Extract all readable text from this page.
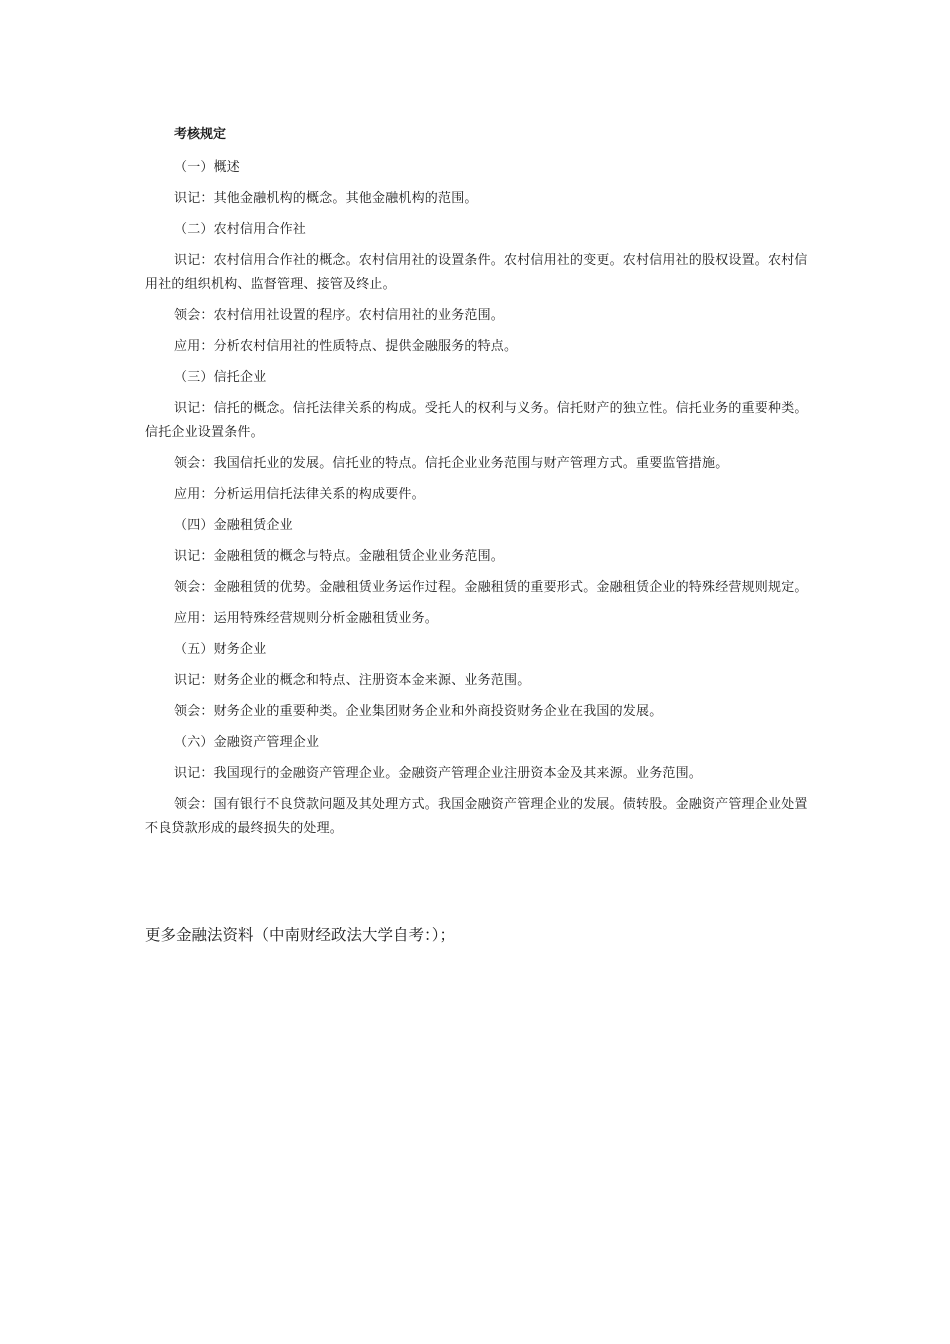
考核规定

（一）概述

识记：其他金融机构的概念。其他金融机构的范围。

（二）农村信用合作社

识记：农村信用合作社的概念。农村信用社的设置条件。农村信用社的变更。农村信用社的股权设置。农村信用社的组织机构、监督管理、接管及终止。

领会：农村信用社设置的程序。农村信用社的业务范围。

应用：分析农村信用社的性质特点、提供金融服务的特点。

（三）信托企业

识记：信托的概念。信托法律关系的构成。受托人的权利与义务。信托财产的独立性。信托业务的重要种类。信托企业设置条件。

领会：我国信托业的发展。信托业的特点。信托企业业务范围与财产管理方式。重要监管措施。

应用：分析运用信托法律关系的构成要件。

（四）金融租赁企业

识记：金融租赁的概念与特点。金融租赁企业业务范围。

领会：金融租赁的优势。金融租赁业务运作过程。金融租赁的重要形式。金融租赁企业的特殊经营规则规定。

应用：运用特殊经营规则分析金融租赁业务。

（五）财务企业

识记：财务企业的概念和特点、注册资本金来源、业务范围。

领会：财务企业的重要种类。企业集团财务企业和外商投资财务企业在我国的发展。

（六）金融资产管理企业

识记：我国现行的金融资产管理企业。金融资产管理企业注册资本金及其来源。业务范围。

领会：国有银行不良贷款问题及其处理方式。我国金融资产管理企业的发展。债转股。金融资产管理企业处置不良贷款形成的最终损失的处理。

更多金融法资料（中南财经政法大学自考：）；
